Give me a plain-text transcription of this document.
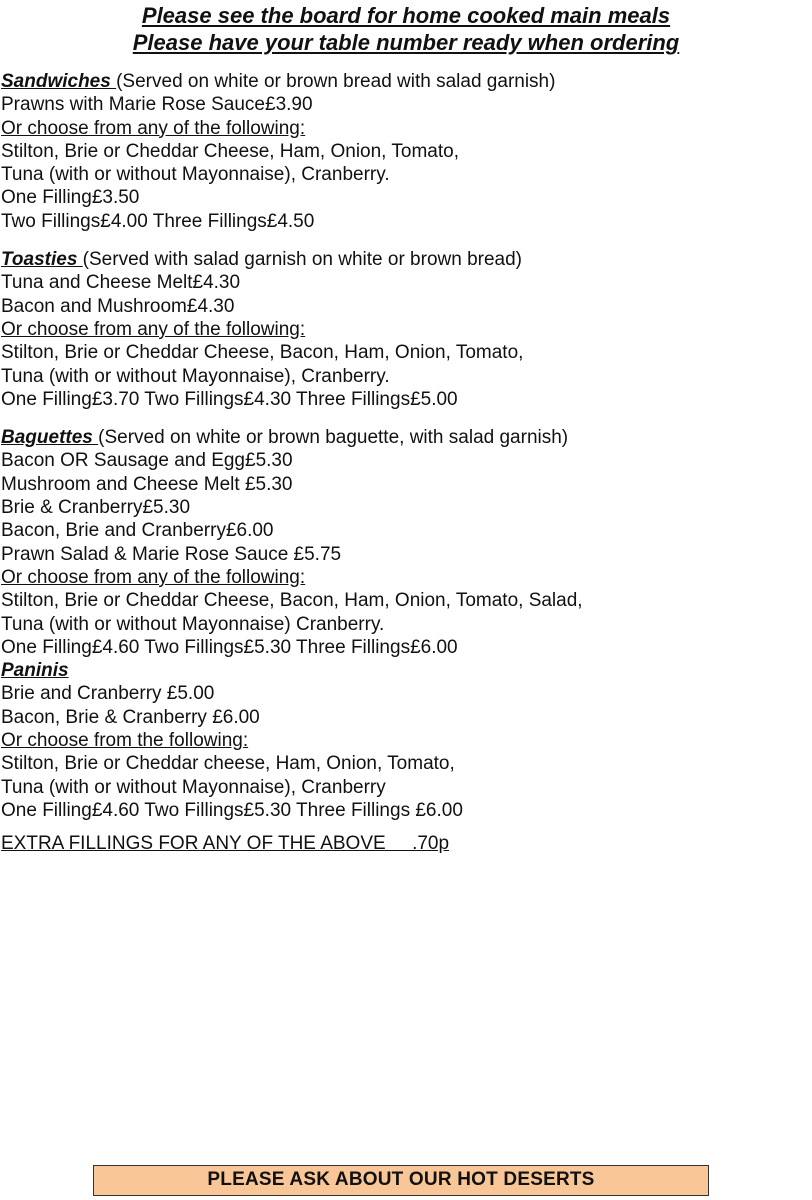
Please see the board for home cooked main meals
Please have your table number ready when ordering
Sandwiches (Served on white or brown bread with salad garnish)
Prawns with Marie Rose Sauce£3.90
Or choose from any of the following:
Stilton, Brie or Cheddar Cheese, Ham, Onion, Tomato,
Tuna (with or without Mayonnaise), Cranberry.
One Filling£3.50
Two Fillings£4.00 Three Fillings£4.50
Toasties (Served with salad garnish on white or brown bread)
Tuna and Cheese Melt£4.30
Bacon and Mushroom£4.30
Or choose from any of the following:
Stilton, Brie or Cheddar Cheese, Bacon, Ham, Onion, Tomato,
Tuna (with or without Mayonnaise), Cranberry.
One Filling£3.70 Two Fillings£4.30 Three Fillings£5.00
Baguettes (Served on white or brown baguette, with salad garnish)
Bacon OR Sausage and Egg£5.30
Mushroom and Cheese Melt £5.30
Brie & Cranberry£5.30
Bacon, Brie and Cranberry£6.00
Prawn Salad & Marie Rose Sauce £5.75
Or choose from any of the following:
Stilton, Brie or Cheddar Cheese, Bacon, Ham, Onion, Tomato, Salad,
Tuna (with or without Mayonnaise) Cranberry.
One Filling£4.60 Two Fillings£5.30 Three Fillings£6.00
Paninis
Brie and Cranberry £5.00
Bacon, Brie & Cranberry £6.00
Or choose from the following:
Stilton, Brie or Cheddar cheese, Ham, Onion, Tomato,
Tuna (with or without Mayonnaise), Cranberry
One Filling£4.60 Two Fillings£5.30 Three Fillings £6.00
EXTRA FILLINGS FOR ANY OF THE ABOVE     .70p
PLEASE ASK ABOUT OUR HOT DESERTS
